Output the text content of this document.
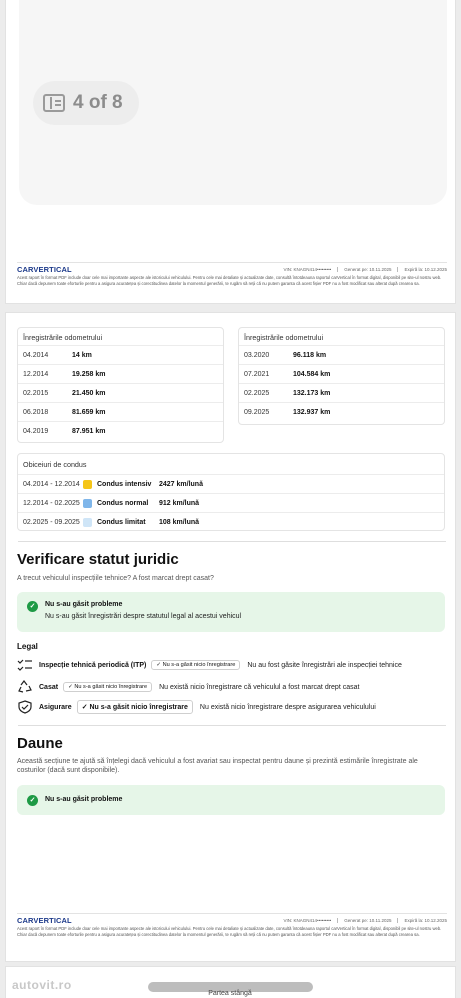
4 of 8
CARVERTICAL	VIN: KNAGN414•••••••••	Generat pe: 10.11.2025	Expiră la: 10.12.2025
Acest raport în format PDF include doar cele mai importante aspecte ale istoricului vehiculului. Pentru cele mai detaliate și actualizate date, consultă întotdeauna raportul carVertical în format digital, disponibil pe site-ul nostru web. Chiar dacă depunem toate eforturile pentru a asigura acuratețea și corectitudinea datelor la momentul generării, te rugăm să reții că nu putem garanta că acest fișier PDF nu a fost modificat sau alterat după crearea sa.
Înregistrările odometrului
04.2014	14 km
12.2014	19.258 km
02.2015	21.450 km
06.2018	81.659 km
04.2019	87.951 km
Înregistrările odometrului
03.2020	96.118 km
07.2021	104.584 km
02.2025	132.173 km
09.2025	132.937 km
Obiceiuri de condus
04.2014 - 12.2014	Condus intensiv	2427 km/lună
12.2014 - 02.2025	Condus normal	912 km/lună
02.2025 - 09.2025	Condus limitat	108 km/lună
Verificare statut juridic
A trecut vehiculul inspecțiile tehnice? A fost marcat drept casat?
✓	Nu s-au găsit probleme
Nu s-au găsit înregistrări despre statutul legal al acestui vehicul
Legal
Inspecție tehnică periodică (ITP)	✓ Nu s-a găsit nicio înregistrare	Nu au fost găsite înregistrări ale inspecției tehnice
Casat	✓ Nu s-a găsit nicio înregistrare	Nu există nicio înregistrare că vehiculul a fost marcat drept casat
Asigurare	✓ Nu s-a găsit nicio înregistrare	Nu există nicio înregistrare despre asigurarea vehiculului
Daune
Această secțiune te ajută să înțelegi dacă vehiculul a fost avariat sau inspectat pentru daune și prezintă estimările înregistrate ale costurilor (dacă sunt disponibile).
✓	Nu s-au găsit probleme
CARVERTICAL	VIN: KNAGN414•••••••••	Generat pe: 10.11.2025	Expiră la: 10.12.2025
Acest raport în format PDF include doar cele mai importante aspecte ale istoricului vehiculului. Pentru cele mai detaliate și actualizate date, consultă întotdeauna raportul carVertical în format digital, disponibil pe site-ul nostru web. Chiar dacă depunem toate eforturile pentru a asigura acuratețea și corectitudinea datelor la momentul generării, te rugăm să reții că nu putem garanta că acest fișier PDF nu a fost modificat sau alterat după crearea sa.
autovit.ro
Partea stângă
